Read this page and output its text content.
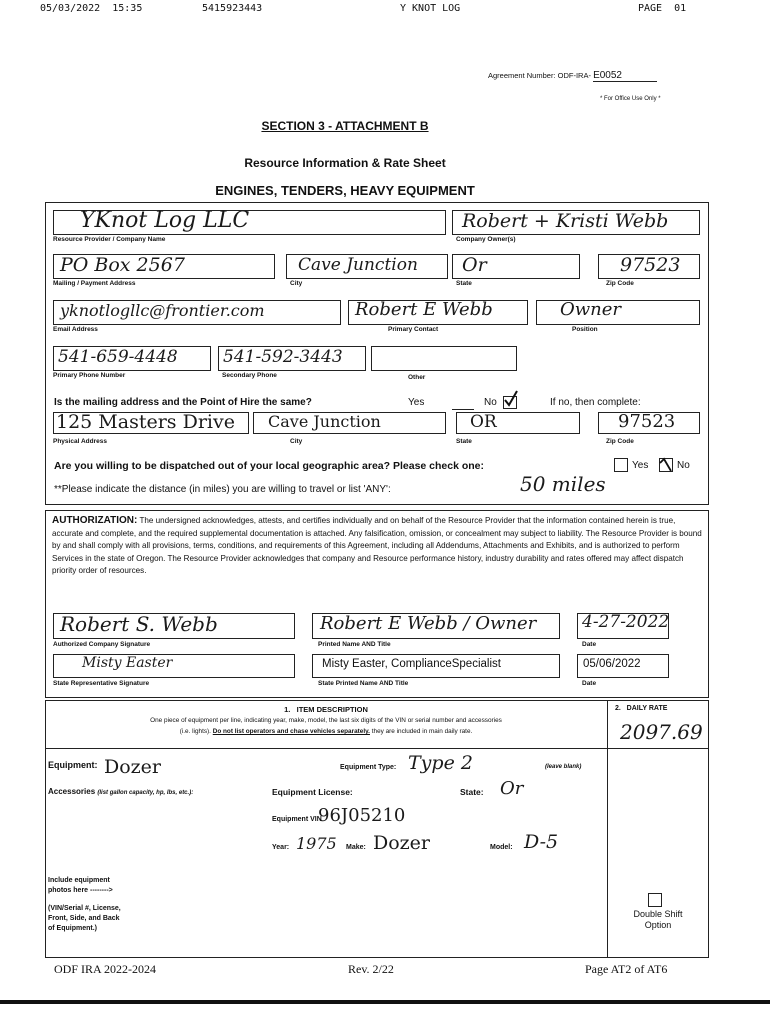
05/03/2022  15:35	5415923443	Y KNOT LOG	PAGE  01
Agreement Number: ODF-IRA- E0052
* For Office Use Only *
SECTION 3 - ATTACHMENT B
Resource Information & Rate Sheet
ENGINES, TENDERS, HEAVY EQUIPMENT
YKnot Log LLC
Resource Provider / Company Name
Robert + Kristi Webb
Company Owner(s)
PO Box 2567
Mailing / Payment Address
Cave Junction
City
Or
State
97523
Zip Code
yknotlogllc@frontier.com
Email Address
Robert E Webb
Primary Contact
Owner
Position
541-659-4448
Primary Phone Number
541-592-3443
Secondary Phone	Other
Is the mailing address and the Point of Hire the same?	Yes	No	If no, then complete:
125 Masters Drive
Physical Address
Cave Junction
City
OR
State
97523
Zip Code
Are you willing to be dispatched out of your local geographic area? Please check one:	Yes	No
**Please indicate the distance (in miles) you are willing to travel or list 'ANY':	50 miles
AUTHORIZATION: The undersigned acknowledges, attests, and certifies individually and on behalf of the Resource Provider that the information contained herein is true, accurate and complete, and the required supplemental documentation is attached. Any falsification, omission, or concealment may subject to liability. The Resource Provider is bound by and shall comply with all provisions, terms, conditions, and requirements of this Agreement, including all Addendums, Attachments and Exhibits, and is authorized to perform Services in the state of Oregon. The Resource Provider acknowledges that company and Resource performance history, industry durability and rates offered may affect dispatch priority order of resources.
Robert S. Webb
Authorized Company Signature
Robert E Webb / Owner
Printed Name AND Title
4-27-2022
Date
Misty Easter
State Representative Signature
Misty Easter, ComplianceSpecialist
State Printed Name AND Title
05/06/2022
Date
1.   ITEM DESCRIPTION
One piece of equipment per line, indicating year, make, model, the last six digits of the VIN or serial number and accessories
(i.e. lights). Do not list operators and chase vehicles separately. they are included in main daily rate.
2.   DAILY RATE
2097.69
Equipment: Dozer	Equipment Type: Type 2	(leave blank)
Accessories (list gallon capacity, hp, lbs, etc.):	Equipment License:	State: Or
Equipment VIN
96J05210
Year: 1975 Make: Dozer	Model: D-5
Include equipment
photos here -------->
(VIN/Serial #, License,
Front, Side, and Back
of Equipment.)
Double Shift
Option
ODF IRA 2022-2024	Rev. 2/22	Page AT2 of AT6
